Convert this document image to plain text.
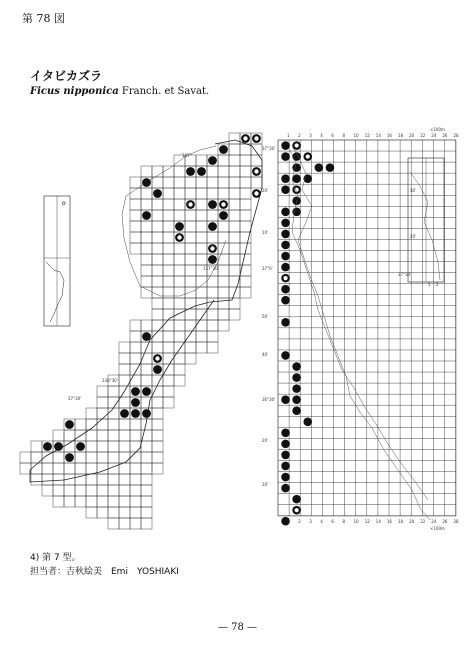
o
137°
138°30'
137°30'
37°30'
×100m
1 2 3 4 6 8 10 12 14 16 18 20 22 24 26 28
1 2 3 4 6 8 10 12 14 16 18 20 22 24 26 28
×100m
37°30'
20'
10'
37°0'
50'
40'
36°30'
20'
10'
30'
20'
37°30'
1 2
第 78 図
イタビカズラ
Ficus nipponica Franch. et Savat.
4) 第 7 型。
担当者：吉秋絵美　Emi　YOSHIAKI
— 78 —
